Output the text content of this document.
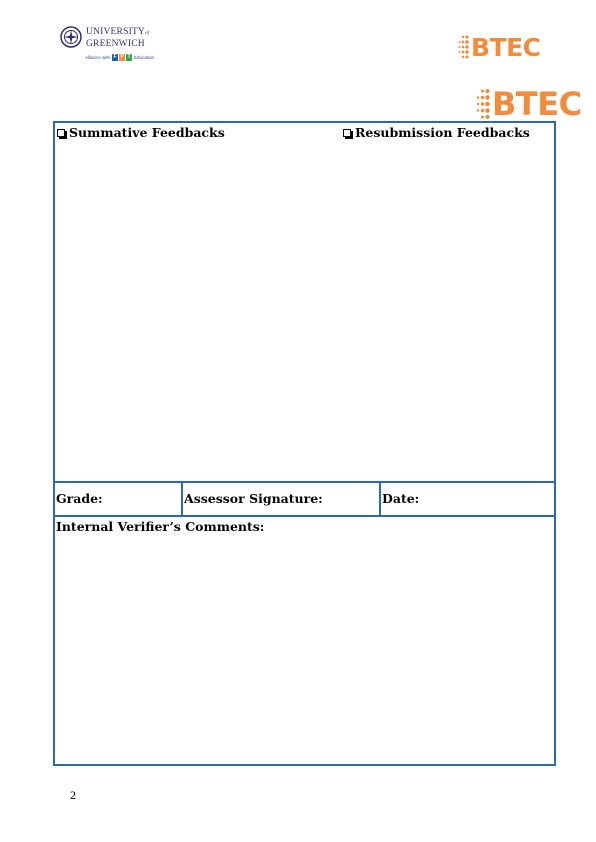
UNIVERSITYof
GREENWICH
Alliance with F P T Education	BTEC
BTEC
Summative Feedbacks	Resubmission Feedbacks
Grade:	Assessor Signature:	Date:
Internal Verifier’s Comments:
2
